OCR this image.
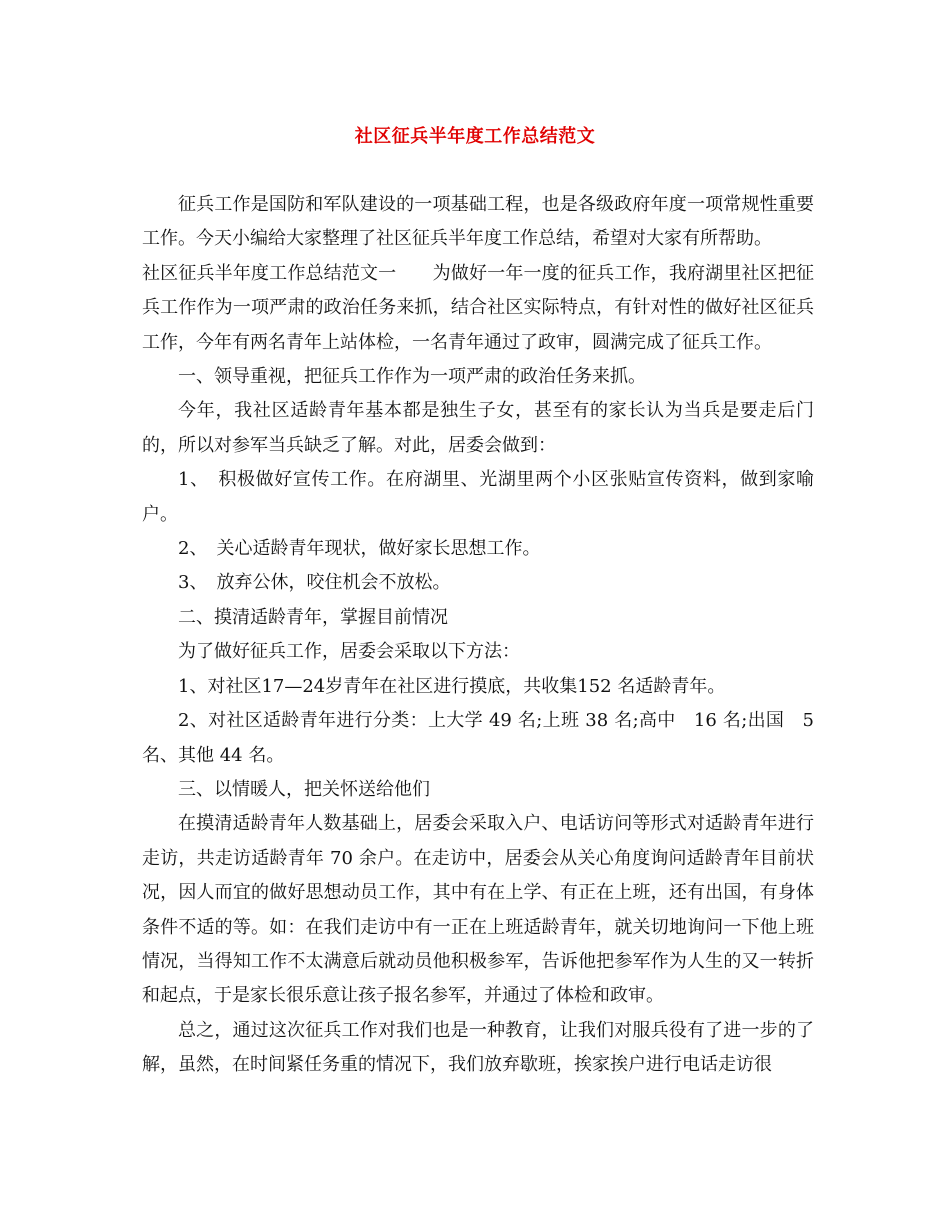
社区征兵半年度工作总结范文

征兵工作是国防和军队建设的一项基础工程，也是各级政府年度一项常规性重要工作。今天小编给大家整理了社区征兵半年度工作总结，希望对大家有所帮助。

社区征兵半年度工作总结范文一　　为做好一年一度的征兵工作，我府湖里社区把征兵工作作为一项严肃的政治任务来抓，结合社区实际特点，有针对性的做好社区征兵工作，今年有两名青年上站体检，一名青年通过了政审，圆满完成了征兵工作。

一、领导重视，把征兵工作作为一项严肃的政治任务来抓。

今年，我社区适龄青年基本都是独生子女，甚至有的家长认为当兵是要走后门的，所以对参军当兵缺乏了解。对此，居委会做到：

1、　积极做好宣传工作。在府湖里、光湖里两个小区张贴宣传资料，做到家喻户。

2、　关心适龄青年现状，做好家长思想工作。

3、　放弃公休，咬住机会不放松。

二、摸清适龄青年，掌握目前情况

为了做好征兵工作，居委会采取以下方法：

1、对社区17—24岁青年在社区进行摸底，共收集152 名适龄青年。

2、对社区适龄青年进行分类：上大学 49 名;上班 38 名;高中　16 名;出国　5 名、其他 44 名。

三、以情暖人，把关怀送给他们

在摸清适龄青年人数基础上，居委会采取入户、电话访问等形式对适龄青年进行走访，共走访适龄青年 70 余户。在走访中，居委会从关心角度询问适龄青年目前状况，因人而宜的做好思想动员工作，其中有在上学、有正在上班，还有出国，有身体条件不适的等。如：在我们走访中有一正在上班适龄青年，就关切地询问一下他上班情况，当得知工作不太满意后就动员他积极参军，告诉他把参军作为人生的又一转折和起点，于是家长很乐意让孩子报名参军，并通过了体检和政审。

总之，通过这次征兵工作对我们也是一种教育，让我们对服兵役有了进一步的了解，虽然，在时间紧任务重的情况下，我们放弃歇班，挨家挨户进行电话走访很
